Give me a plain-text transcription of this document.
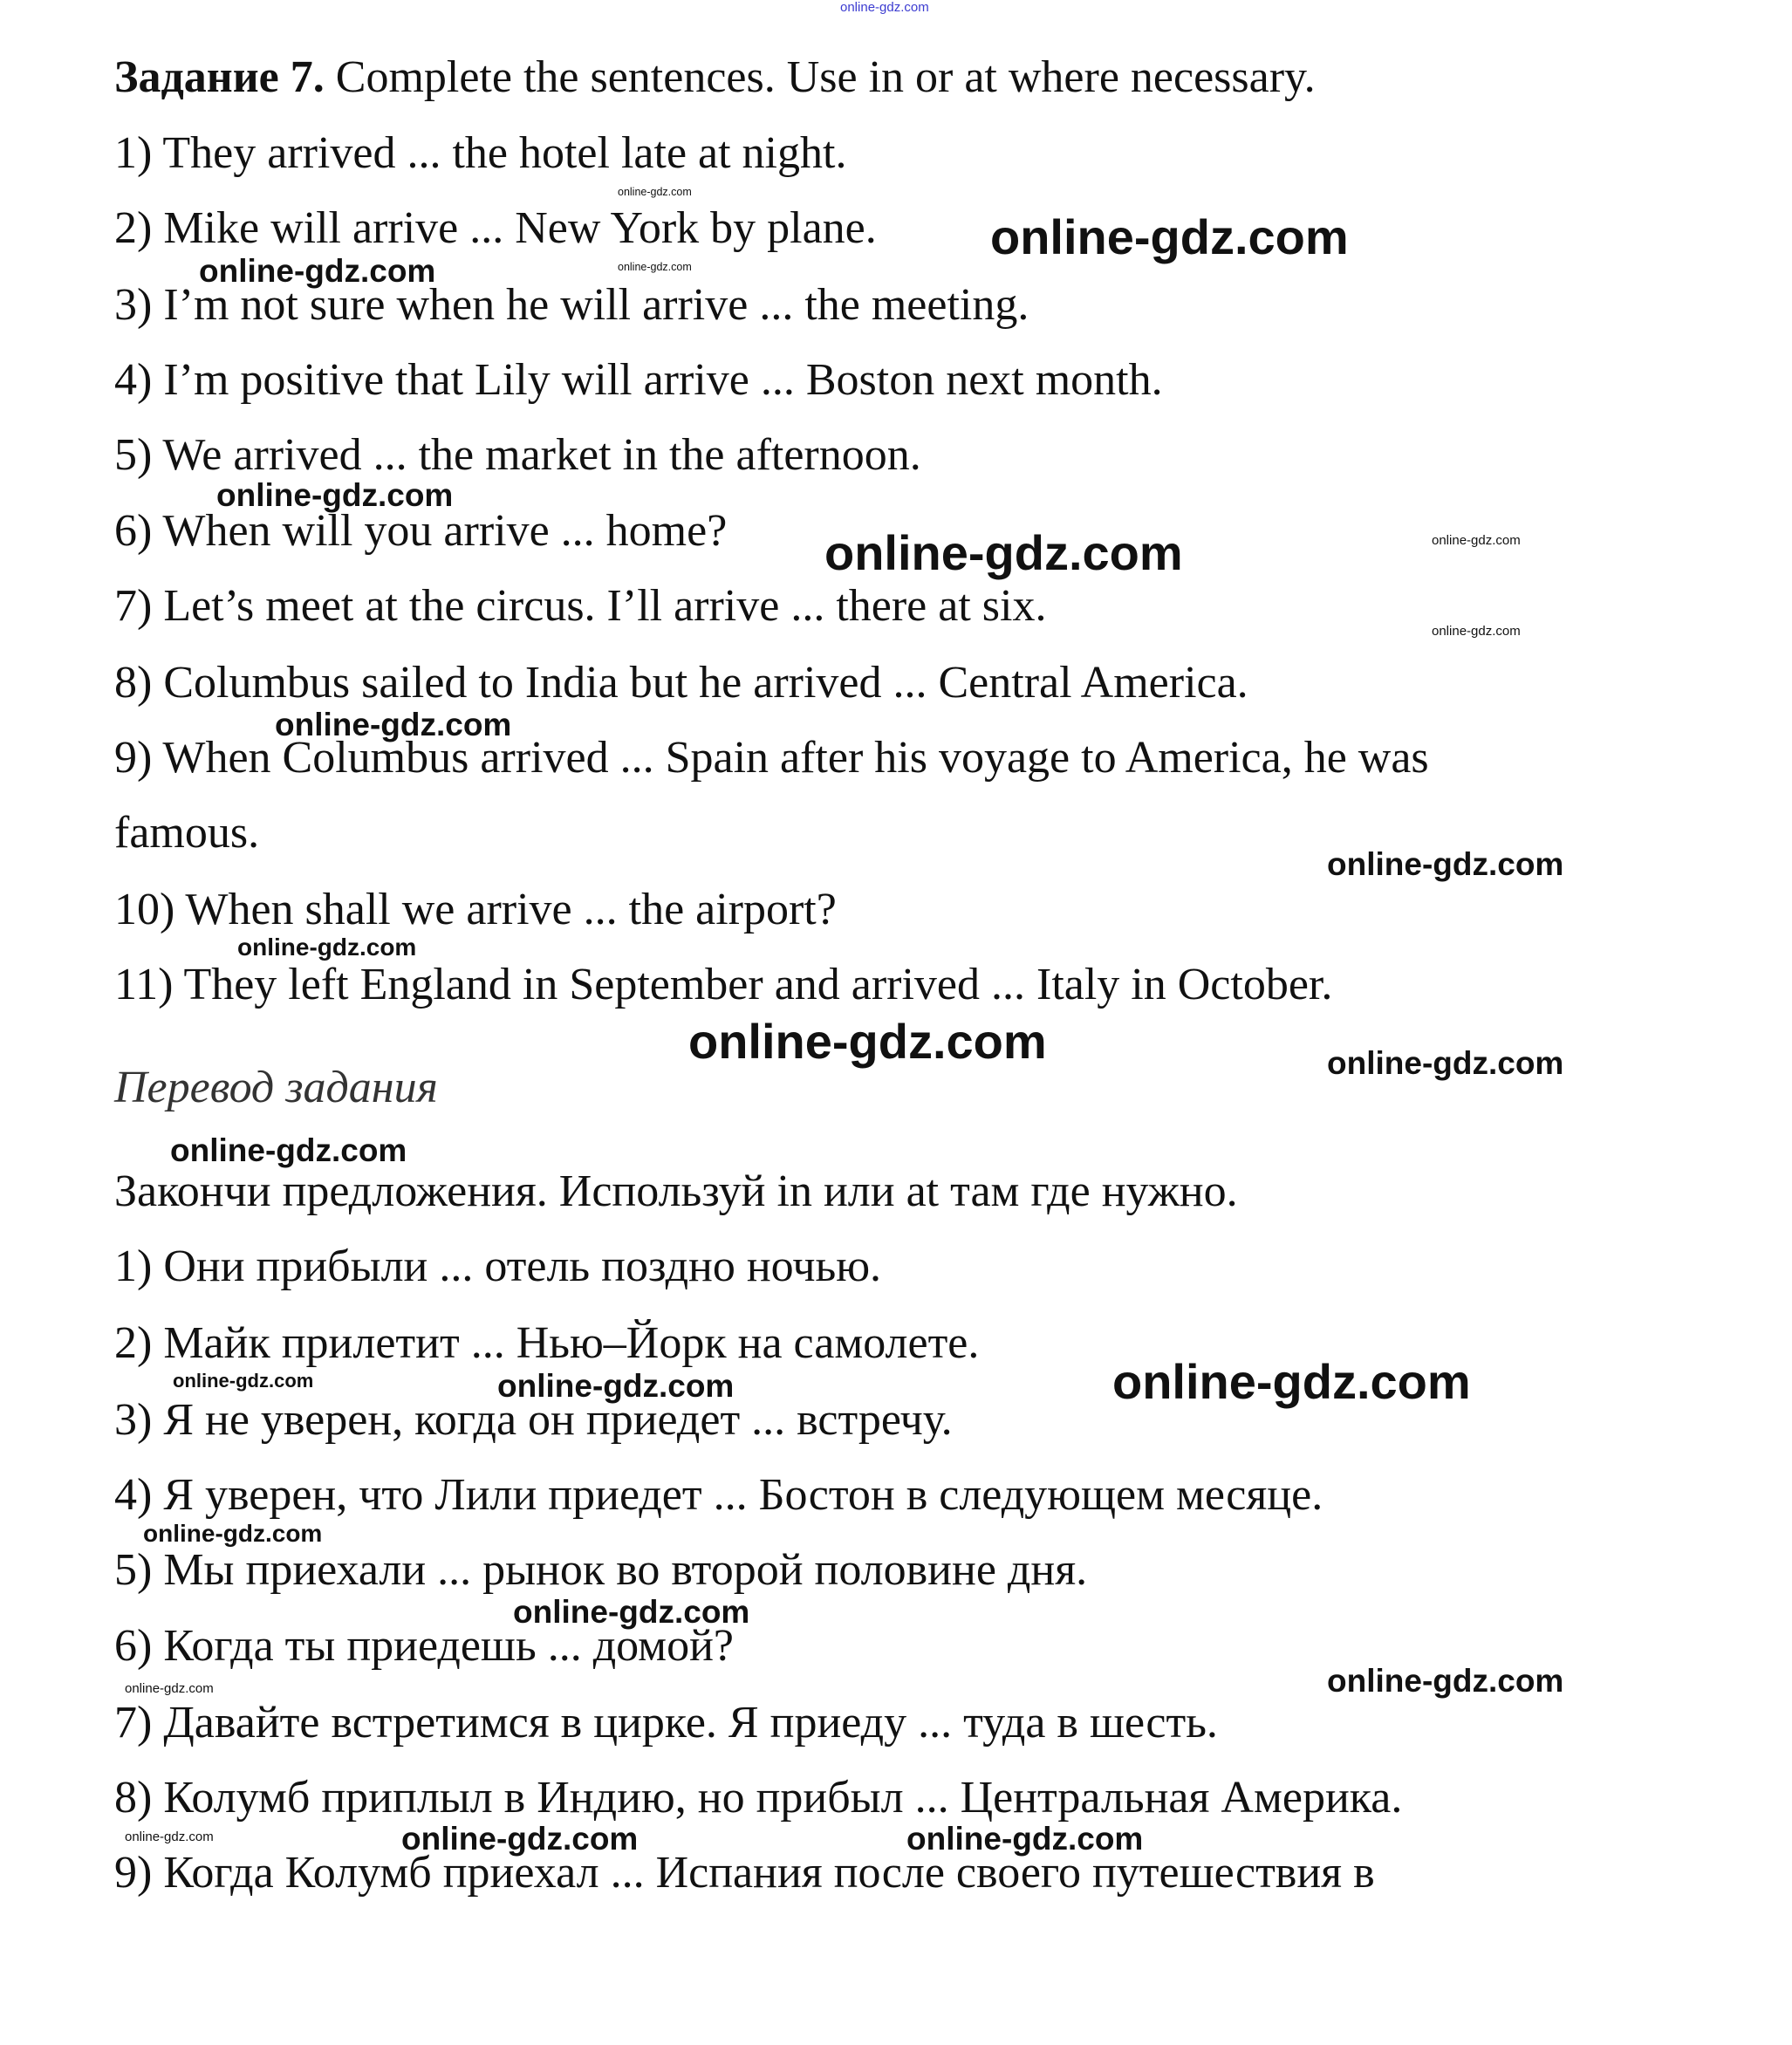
Задание 7. Complete the sentences. Use in or at where necessary.
1) They arrived ... the hotel late at night.
2) Mike will arrive ... New York by plane.
3) I’m not sure when he will arrive ... the meeting.
4) I’m positive that Lily will arrive ... Boston next month.
5) We arrived ... the market in the afternoon.
6) When will you arrive ... home?
7) Let’s meet at the circus. I’ll arrive ... there at six.
8) Columbus sailed to India but he arrived ... Central America.
9) When Columbus arrived ... Spain after his voyage to America, he was
famous.
10) When shall we arrive ... the airport?
11) They left England in September and arrived ... Italy in October.
Перевод задания
Закончи предложения. Используй in или at там где нужно.
1) Они прибыли ... отель поздно ночью.
2) Майк прилетит ... Нью–Йорк на самолете.
3) Я не уверен, когда он приедет ... встречу.
4) Я уверен, что Лили приедет ... Бостон в следующем месяце.
5) Мы приехали ... рынок во второй половине дня.
6) Когда ты приедешь ... домой?
7) Давайте встретимся в цирке. Я приеду ... туда в шесть.
8) Колумб приплыл в Индию, но прибыл ... Центральная Америка.
9) Когда Колумб приехал ... Испания после своего путешествия в
online-gdz.com
online-gdz.com
online-gdz.com
online-gdz.com	online-gdz.com
online-gdz.com
online-gdz.com	online-gdz.com
online-gdz.com
online-gdz.com
online-gdz.com
online-gdz.com
online-gdz.com	online-gdz.com
online-gdz.com
online-gdz.com	online-gdz.com	online-gdz.com
online-gdz.com
online-gdz.com
online-gdz.com	online-gdz.com
online-gdz.com	online-gdz.com	online-gdz.com
